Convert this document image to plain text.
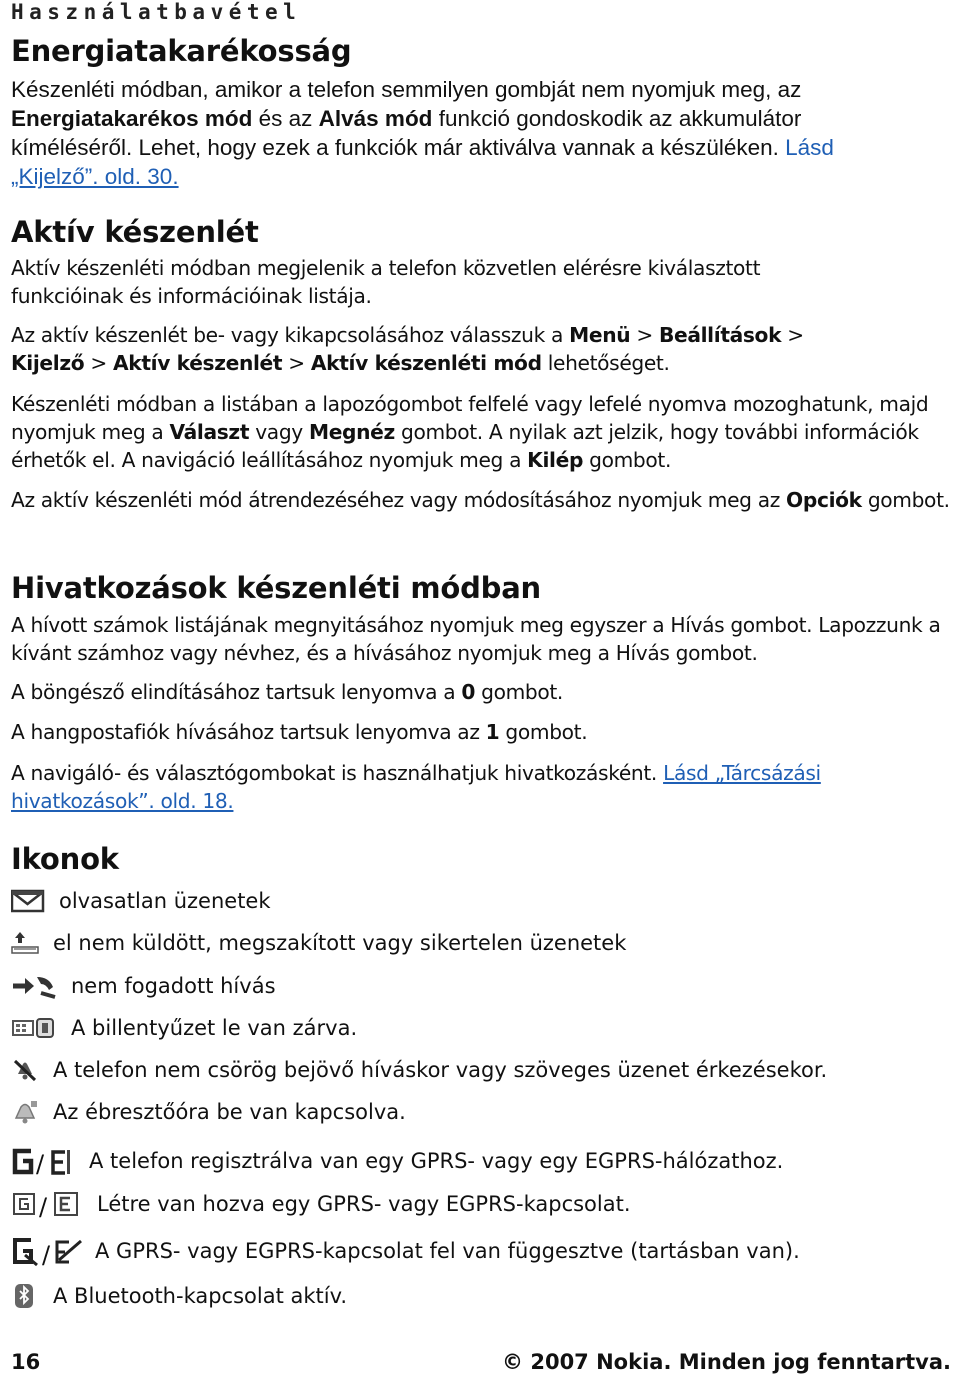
Használatbavétel
Energiatakarékosság
Készenléti módban, amikor a telefon semmilyen gombját nem nyomjuk meg, az
Energiatakarékos mód és az Alvás mód funkció gondoskodik az akkumulátor
kíméléséről. Lehet, hogy ezek a funkciók már aktiválva vannak a készüléken. Lásd
„Kijelző”. old. 30.
Aktív készenlét
Aktív készenléti módban megjelenik a telefon közvetlen elérésre kiválasztott funkcióinak és információinak listája.
Az aktív készenlét be- vagy kikapcsolásához válasszuk a Menü > Beállítások >
Kijelző > Aktív készenlét > Aktív készenléti mód lehetőséget.
Készenléti módban a listában a lapozógombot felfelé vagy lefelé nyomva mozoghatunk, majd nyomjuk meg a Választ vagy Megnéz gombot. A nyilak azt jelzik, hogy további információk érhetők el. A navigáció leállításához nyomjuk meg a Kilép gombot.
Az aktív készenléti mód átrendezéséhez vagy módosításához nyomjuk meg az Opciók gombot.
Hivatkozások készenléti módban
A hívott számok listájának megnyitásához nyomjuk meg egyszer a Hívás gombot. Lapozzunk a kívánt számhoz vagy névhez, és a hívásához nyomjuk meg a Hívás gombot.
A böngésző elindításához tartsuk lenyomva a 0 gombot.
A hangpostafiók hívásához tartsuk lenyomva az 1 gombot.
A navigáló- és választógombokat is használhatjuk hivatkozásként. Lásd „Tárcsázási hivatkozások”. old. 18.
Ikonok
olvasatlan üzenetek
el nem küldött, megszakított vagy sikertelen üzenetek
nem fogadott hívás
A billentyűzet le van zárva.
A telefon nem csörög bejövő híváskor vagy szöveges üzenet érkezésekor.
Az ébresztőóra be van kapcsolva.
/ A telefon regisztrálva van egy GPRS- vagy egy EGPRS-hálózathoz.
/ Létre van hozva egy GPRS- vagy EGPRS-kapcsolat.
/ A GPRS- vagy EGPRS-kapcsolat fel van függesztve (tartásban van).
A Bluetooth-kapcsolat aktív.
16	© 2007 Nokia. Minden jog fenntartva.
